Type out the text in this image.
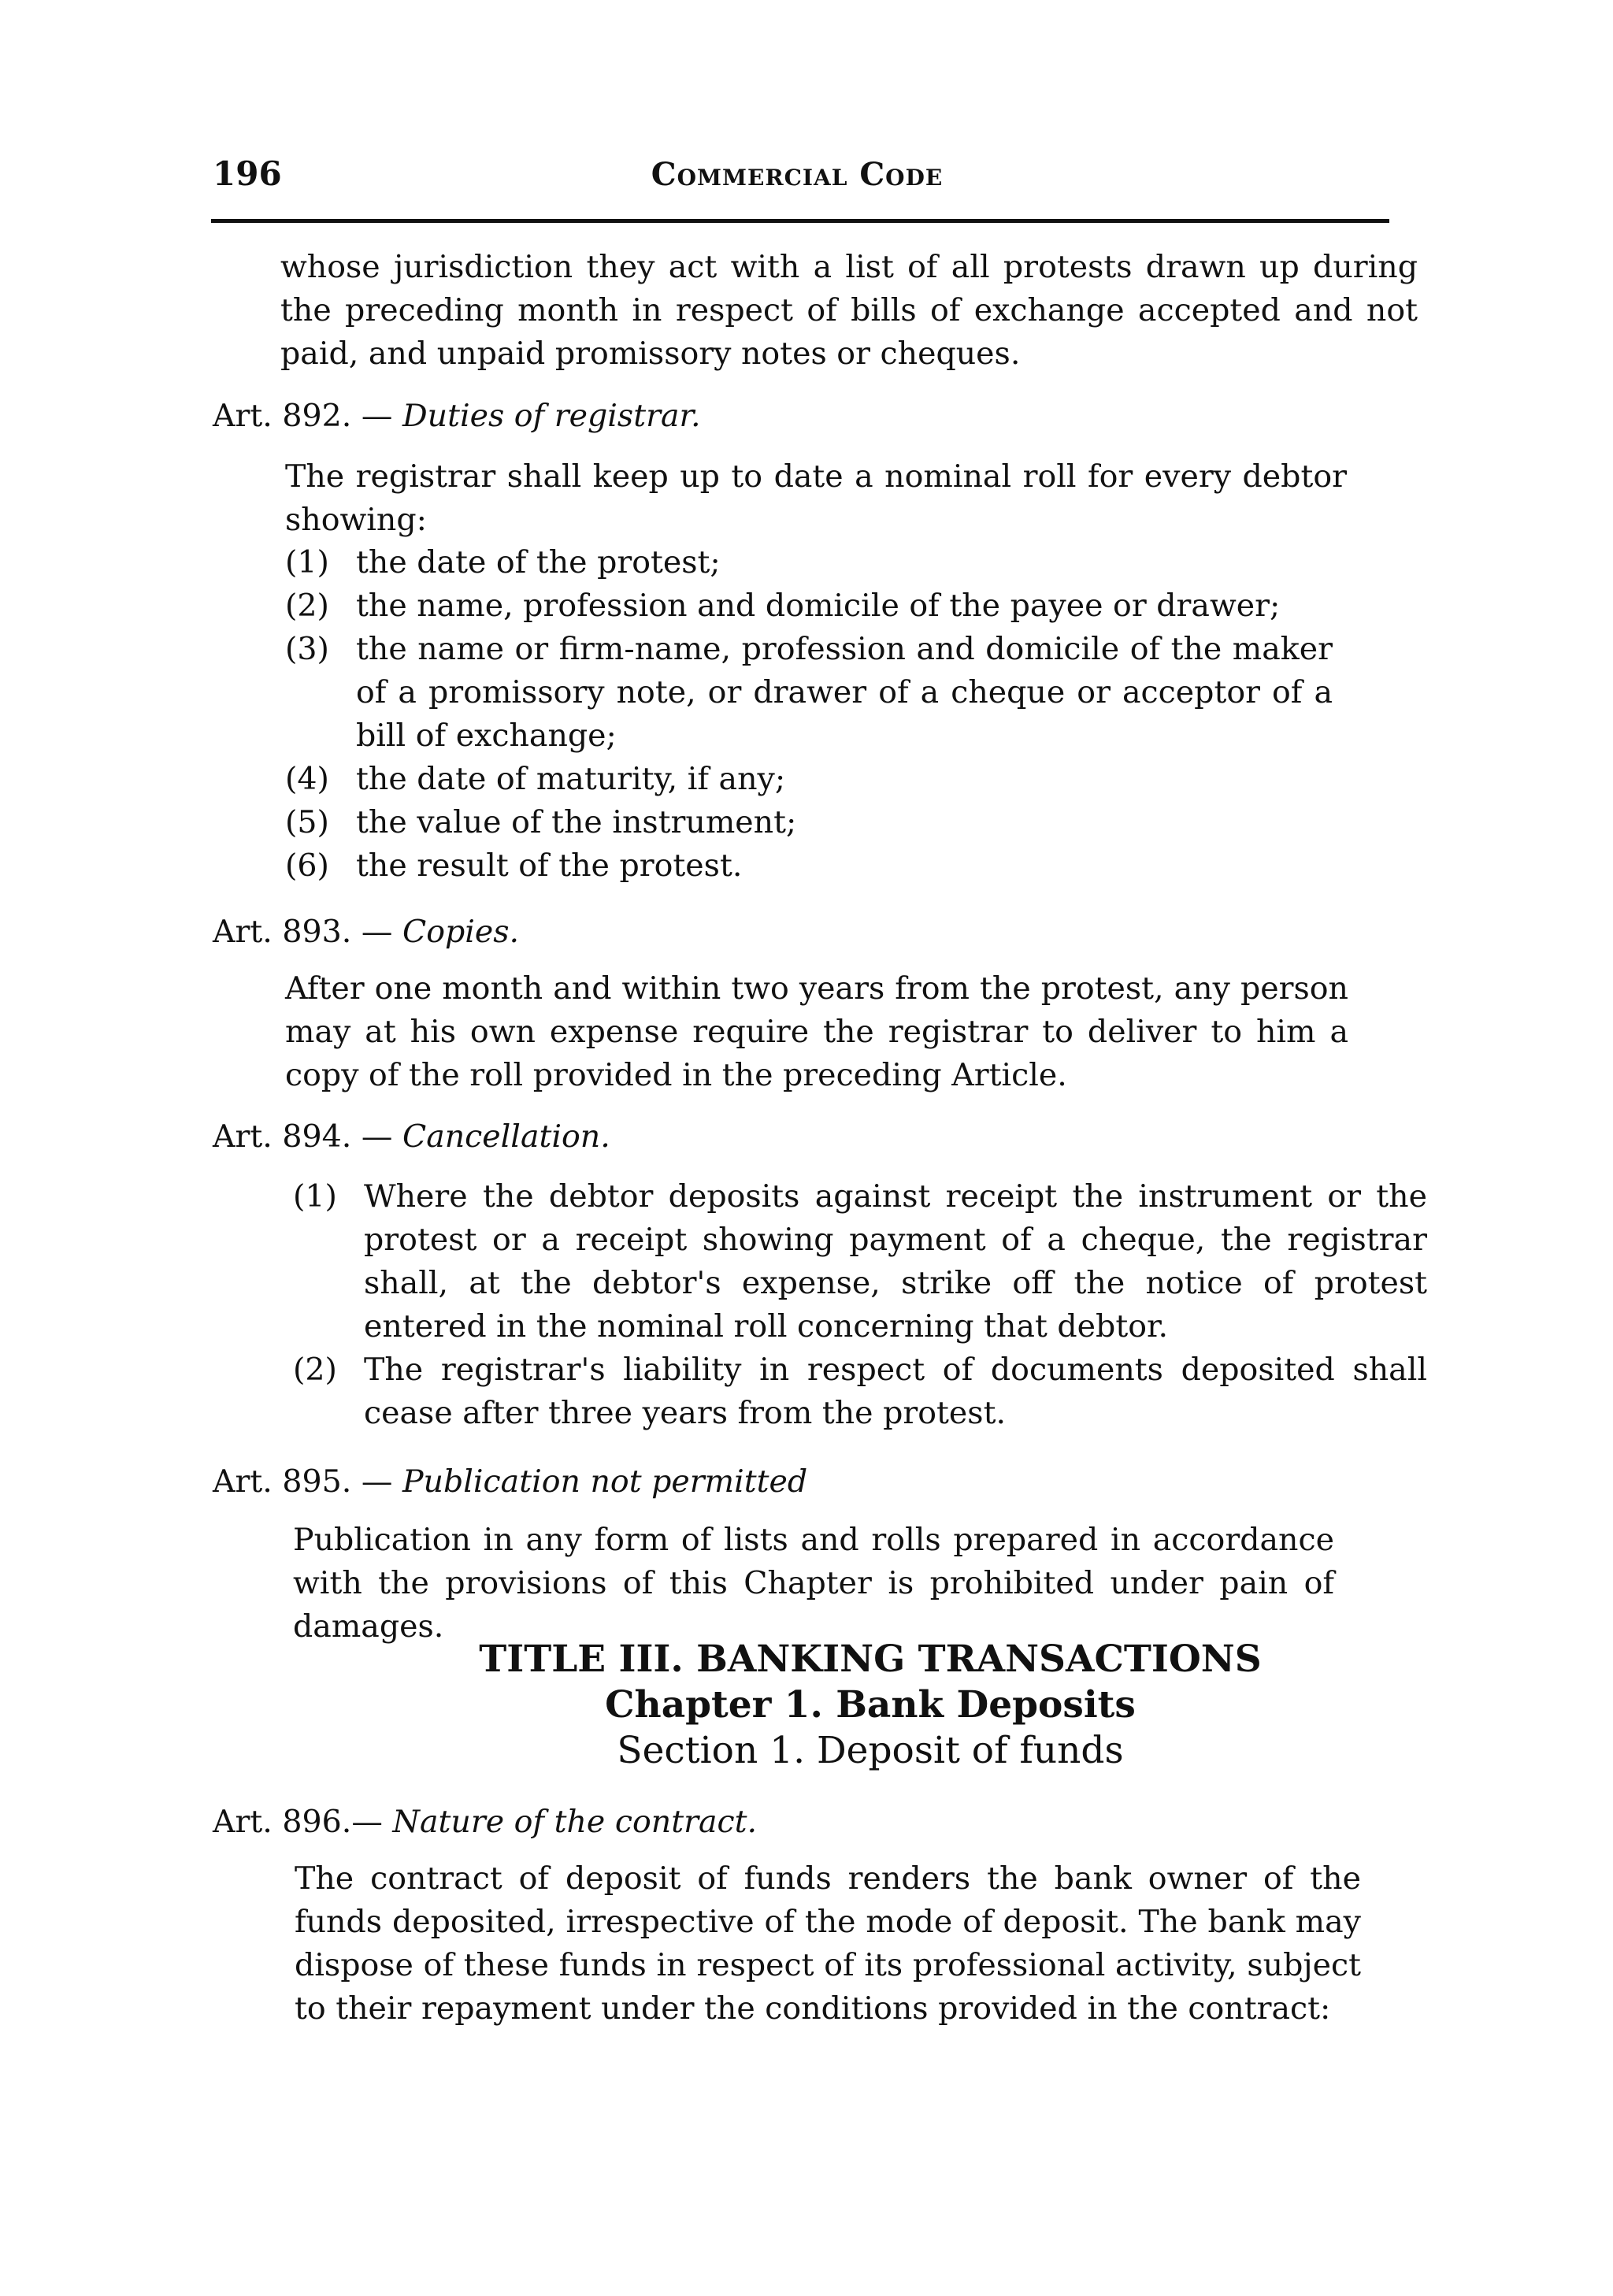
196	Commercial Code

whose jurisdiction they act with a list of all protests drawn up during the preceding month in respect of bills of exchange accepted and not paid, and unpaid promissory notes or cheques.

Art. 892. — Duties of registrar.

The registrar shall keep up to date a nominal roll for every debtor showing:

(1) the date of the protest;
(2) the name, profession and domicile of the payee or drawer;
(3) the name or firm-name, profession and domicile of the maker of a promissory note, or drawer of a cheque or acceptor of a bill of exchange;
(4) the date of maturity, if any;
(5) the value of the instrument;
(6) the result of the protest.

Art. 893. — Copies.

After one month and within two years from the protest, any person may at his own expense require the registrar to deliver to him a copy of the roll provided in the preceding Article.

Art. 894. — Cancellation.

(1) Where the debtor deposits against receipt the instrument or the protest or a receipt showing payment of a cheque, the registrar shall, at the debtor's expense, strike off the notice of protest entered in the nominal roll concerning that debtor.
(2) The registrar's liability in respect of documents deposited shall cease after three years from the protest.

Art. 895. — Publication not permitted

Publication in any form of lists and rolls prepared in accordance with the provisions of this Chapter is prohibited under pain of damages.

TITLE III. BANKING TRANSACTIONS
Chapter 1. Bank Deposits
Section 1. Deposit of funds

Art. 896.— Nature of the contract.

The contract of deposit of funds renders the bank owner of the funds deposited, irrespective of the mode of deposit. The bank may dispose of these funds in respect of its professional activity, subject to their repayment under the conditions provided in the contract:
